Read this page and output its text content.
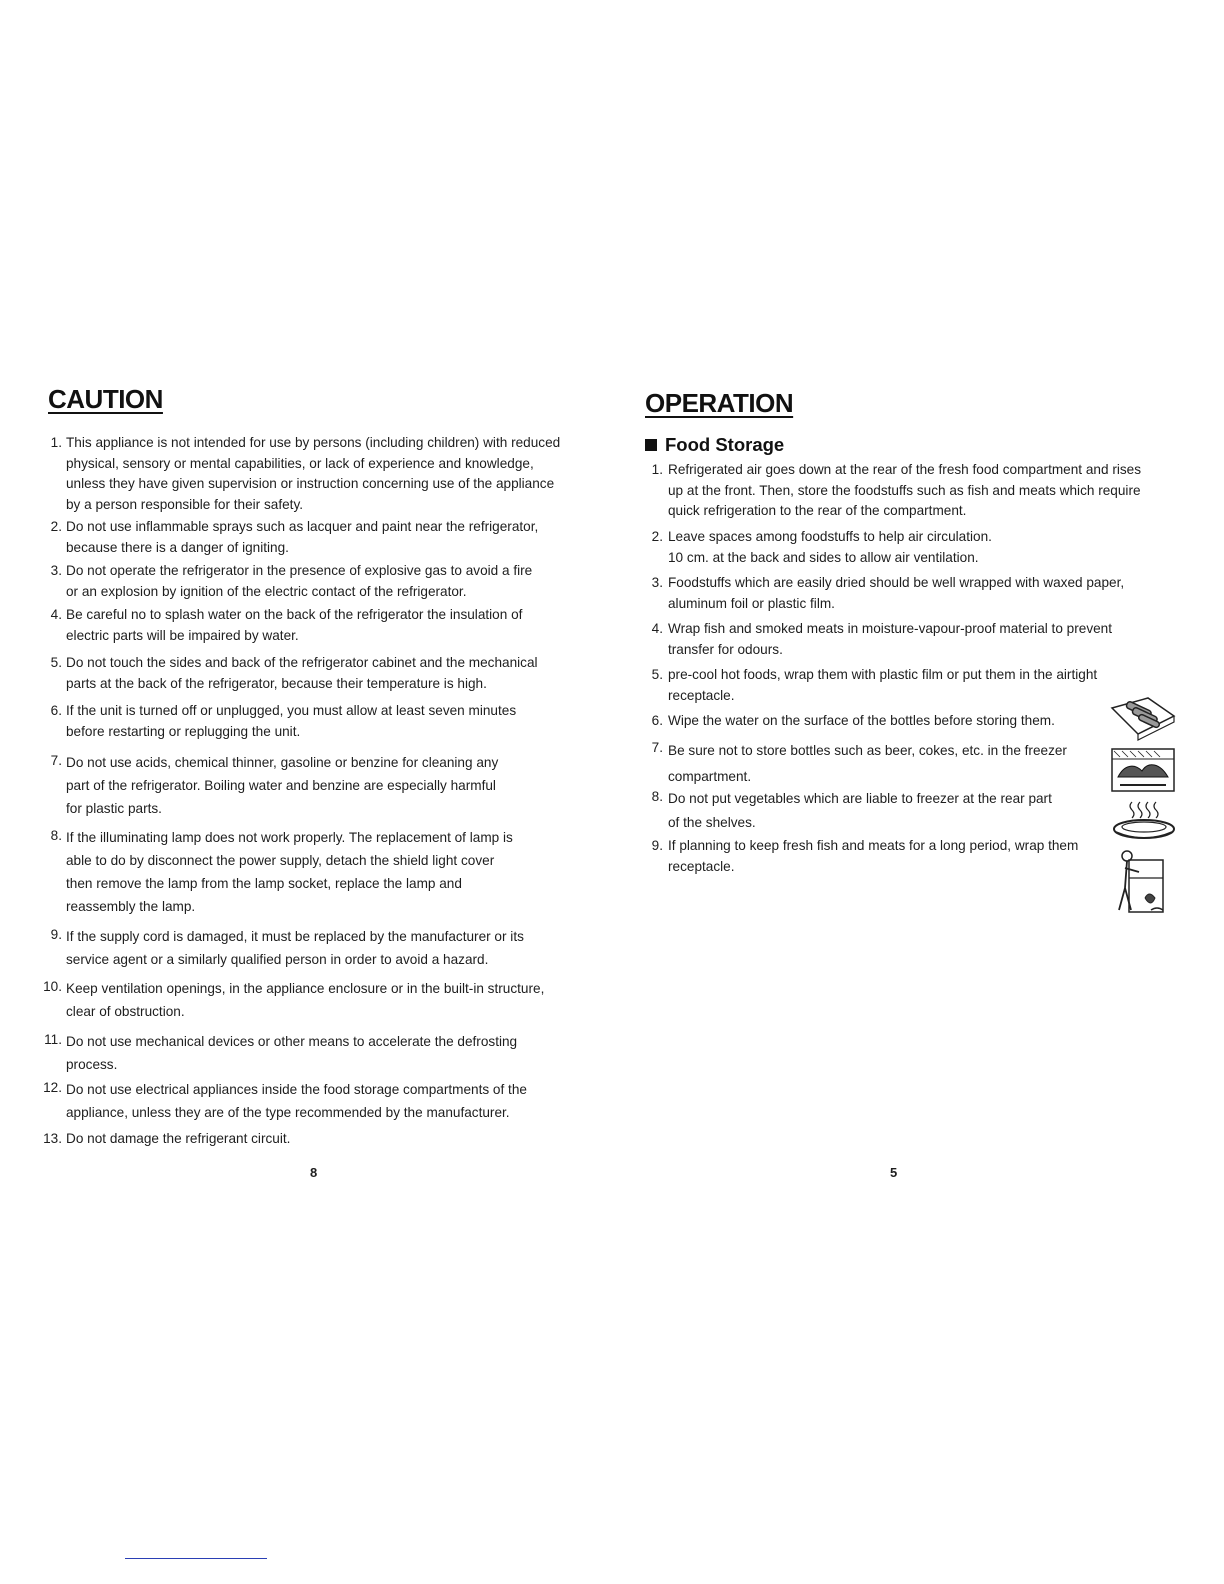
CAUTION
1. This appliance is not intended for use by persons (including children) with reduced
physical, sensory or mental capabilities, or lack of experience and knowledge,
unless they have given supervision or instruction concerning use of the appliance
by a person responsible for their safety.
2. Do not use inflammable sprays such as lacquer and paint near the refrigerator,
because there is a danger of igniting.
3. Do not operate the refrigerator in the presence of explosive gas to avoid a fire
or an explosion by ignition of the electric contact of the refrigerator.
4. Be careful no to splash water on the back of the refrigerator the insulation of
electric parts will be impaired by water.
5. Do not touch the sides and back of the refrigerator cabinet and the mechanical
parts at the back of the refrigerator, because their temperature is high.
6. If the unit is turned off or unplugged, you must allow at least seven minutes
before restarting or replugging the unit.
7. Do not use acids, chemical thinner, gasoline or benzine for cleaning any
part of the refrigerator. Boiling water and benzine are especially harmful
for plastic parts.
8. If the illuminating lamp does not work properly. The replacement of lamp is
able to do by disconnect the power supply, detach the shield light cover
then remove the lamp from the lamp socket, replace the lamp and
reassembly the lamp.
9. If the supply cord is damaged, it must be replaced by the manufacturer or its
service agent or a similarly qualified person in order to avoid a hazard.
10. Keep ventilation openings, in the appliance enclosure or in the built-in structure,
clear of obstruction.
11. Do not use mechanical devices or other means to accelerate the defrosting
process.
12. Do not use electrical appliances inside the food storage compartments of the
appliance, unless they are of the type recommended by the manufacturer.
13. Do not damage the refrigerant circuit.
8
OPERATION
Food Storage
1. Refrigerated air goes down at the rear of the fresh food compartment and rises
up at the front. Then, store the foodstuffs such as fish and meats which require
quick refrigeration to the rear of the compartment.
2. Leave spaces among foodstuffs to help air circulation.
10 cm. at the back and sides to allow air ventilation.
3. Foodstuffs which are easily dried should be well wrapped with waxed paper,
aluminum foil or plastic film.
4. Wrap fish and smoked meats in moisture-vapour-proof material to prevent
transfer for odours.
5. pre-cool hot foods, wrap them with plastic film or put them in the airtight
receptacle.
6. Wipe the water on the surface of the bottles before storing them.
7. Be sure not to store bottles such as beer, cokes, etc. in the freezer
compartment.
8. Do not put vegetables which are liable to freezer at the rear part
of the shelves.
9. If planning to keep fresh fish and meats for a long period, wrap them
receptacle.
5
